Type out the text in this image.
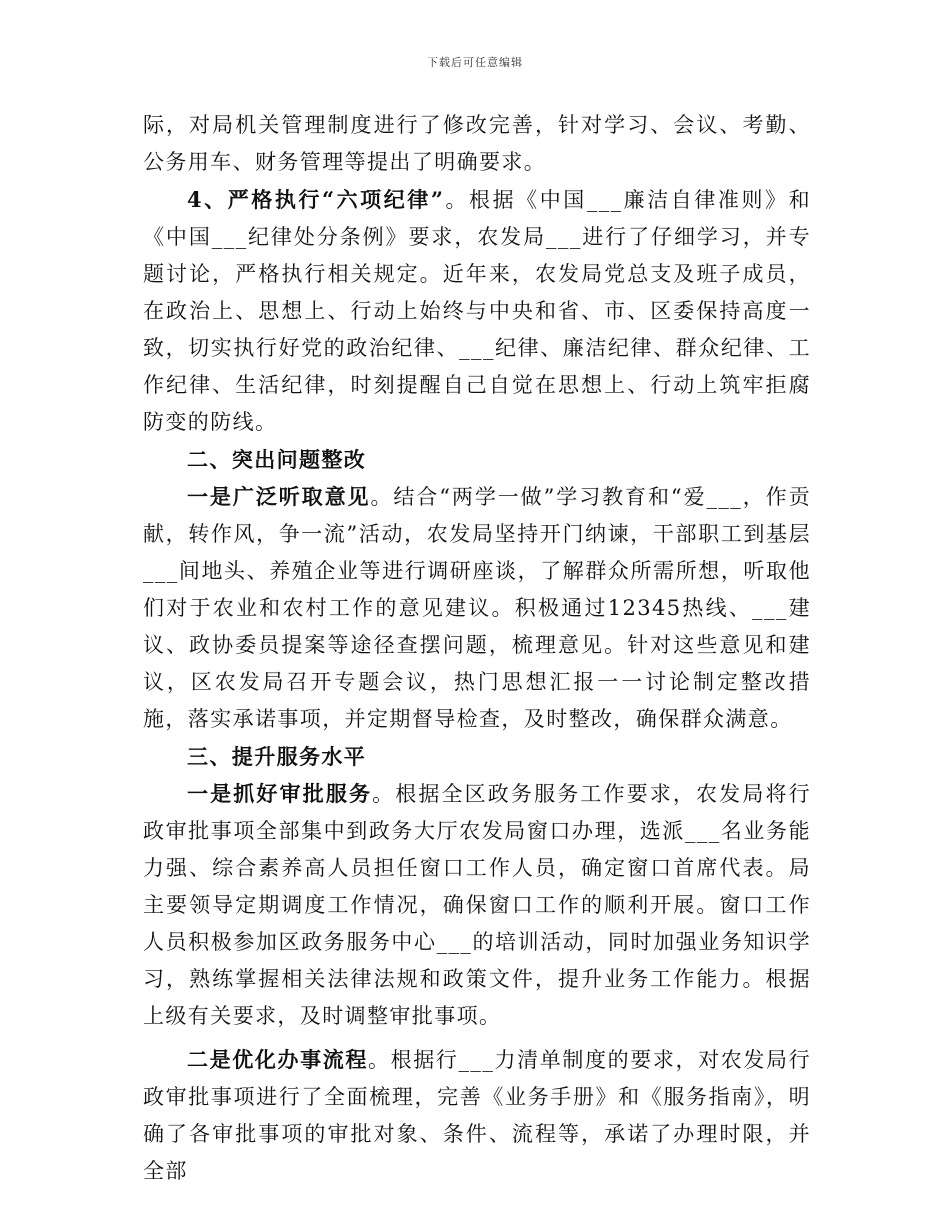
下载后可任意编辑

际，对局机关管理制度进行了修改完善，针对学习、会议、考勤、公务用车、财务管理等提出了明确要求。

4、严格执行“六项纪律”。根据《中国___廉洁自律准则》和《中国___纪律处分条例》要求，农发局___进行了仔细学习，并专题讨论，严格执行相关规定。近年来，农发局党总支及班子成员，在政治上、思想上、行动上始终与中央和省、市、区委保持高度一致，切实执行好党的政治纪律、___纪律、廉洁纪律、群众纪律、工作纪律、生活纪律，时刻提醒自己自觉在思想上、行动上筑牢拒腐防变的防线。

二、突出问题整改

一是广泛听取意见。结合“两学一做”学习教育和“爱___，作贡献，转作风，争一流”活动，农发局坚持开门纳谏，干部职工到基层___间地头、养殖企业等进行调研座谈，了解群众所需所想，听取他们对于农业和农村工作的意见建议。积极通过12345热线、___建议、政协委员提案等途径查摆问题，梳理意见。针对这些意见和建议，区农发局召开专题会议，热门思想汇报一一讨论制定整改措施，落实承诺事项，并定期督导检查，及时整改，确保群众满意。

三、提升服务水平

一是抓好审批服务。根据全区政务服务工作要求，农发局将行政审批事项全部集中到政务大厅农发局窗口办理，选派___名业务能力强、综合素养高人员担任窗口工作人员，确定窗口首席代表。局主要领导定期调度工作情况，确保窗口工作的顺利开展。窗口工作人员积极参加区政务服务中心___的培训活动，同时加强业务知识学习，熟练掌握相关法律法规和政策文件，提升业务工作能力。根据上级有关要求，及时调整审批事项。

二是优化办事流程。根据行___力清单制度的要求，对农发局行政审批事项进行了全面梳理，完善《业务手册》和《服务指南》，明确了各审批事项的审批对象、条件、流程等，承诺了办理时限，并全部
